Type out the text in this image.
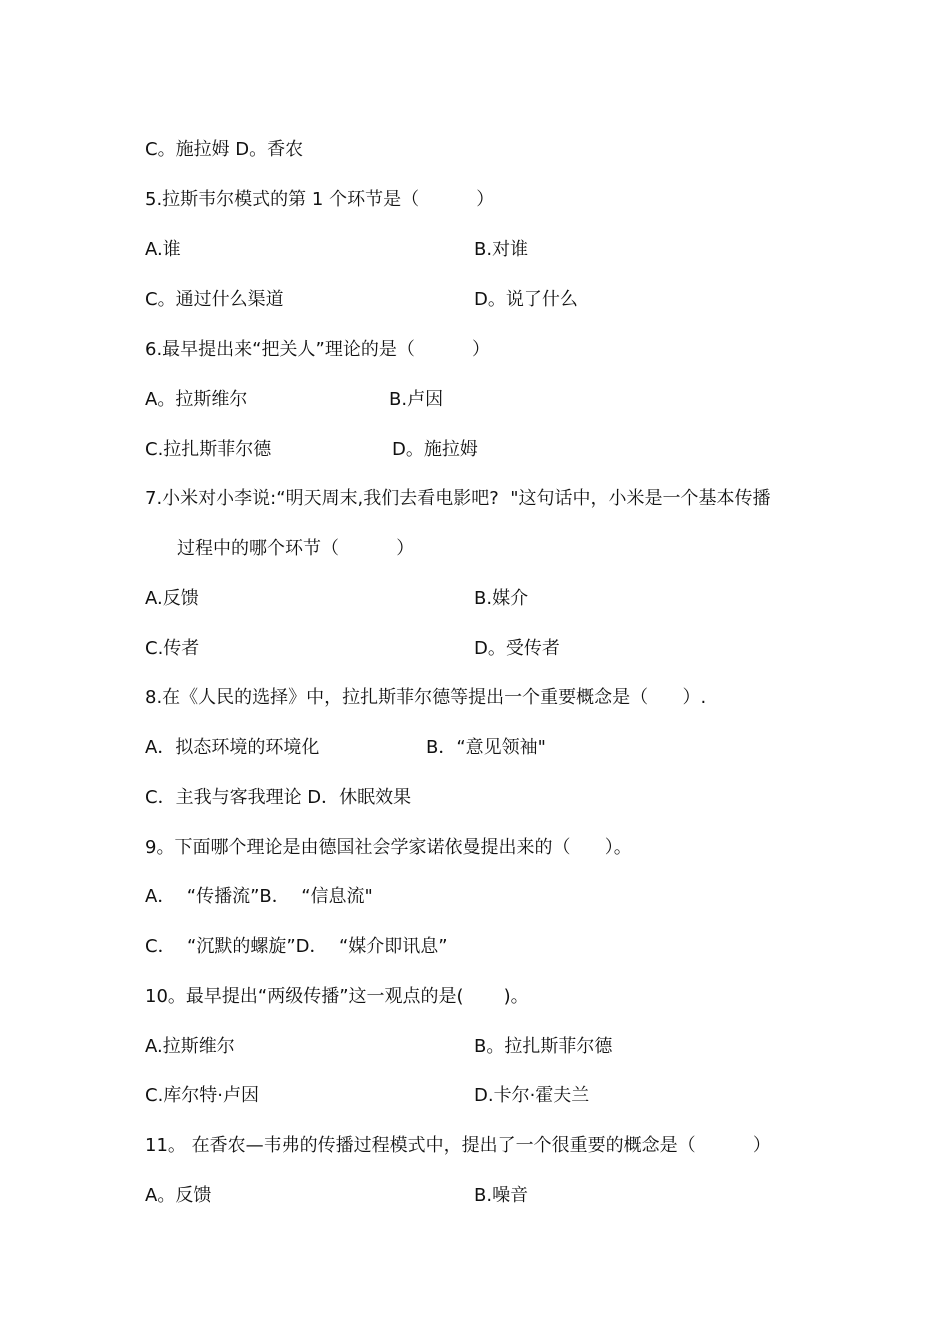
C。施拉姆 D。香农
5.拉斯韦尔模式的第 1 个环节是（          ）
A.谁	B.对谁
C。通过什么渠道	D。说了什么
6.最早提出来“把关人”理论的是（          ）
A。拉斯维尔	B.卢因
C.拉扎斯菲尔德	D。施拉姆
7.小米对小李说:“明天周末,我们去看电影吧?  "这句话中，小米是一个基本传播
过程中的哪个环节（          ）
A.反馈	B.媒介
C.传者	D。受传者
8.在《人民的选择》中，拉扎斯菲尔德等提出一个重要概念是（      ）.
A．拟态环境的环境化	B．“意见领袖"
C．主我与客我理论 D．休眠效果
9。下面哪个理论是由德国社会学家诺依曼提出来的（      ）。
A．  “传播流”B．  “信息流"
C．  “沉默的螺旋”D．  “媒介即讯息”
10。最早提出“两级传播”这一观点的是(       )。
A.拉斯维尔	B。拉扎斯菲尔德
C.库尔特·卢因	D.卡尔·霍夫兰
11。 在香农—韦弗的传播过程模式中，提出了一个很重要的概念是（          ）
A。反馈	B.噪音
